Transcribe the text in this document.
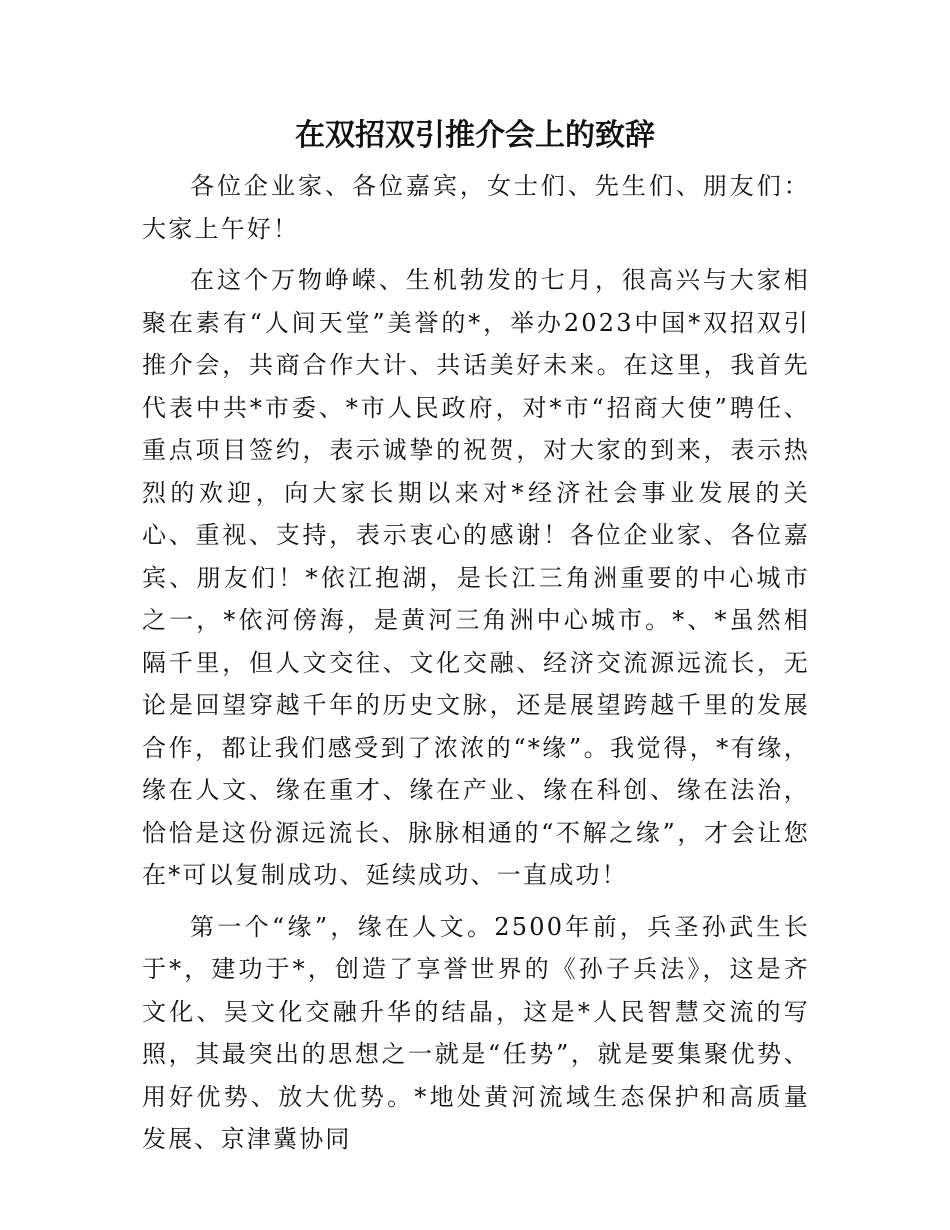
在双招双引推介会上的致辞

各位企业家、各位嘉宾，女士们、先生们、朋友们：大家上午好！

在这个万物峥嵘、生机勃发的七月，很高兴与大家相聚在素有“人间天堂”美誉的*，举办2023中国*双招双引推介会，共商合作大计、共话美好未来。在这里，我首先代表中共*市委、*市人民政府，对*市“招商大使”聘任、重点项目签约，表示诚挚的祝贺，对大家的到来，表示热烈的欢迎，向大家长期以来对*经济社会事业发展的关心、重视、支持，表示衷心的感谢！各位企业家、各位嘉宾、朋友们！*依江抱湖，是长江三角洲重要的中心城市之一，*依河傍海，是黄河三角洲中心城市。*、*虽然相隔千里，但人文交往、文化交融、经济交流源远流长，无论是回望穿越千年的历史文脉，还是展望跨越千里的发展合作，都让我们感受到了浓浓的“*缘”。我觉得，*有缘，缘在人文、缘在重才、缘在产业、缘在科创、缘在法治，恰恰是这份源远流长、脉脉相通的“不解之缘”，才会让您在*可以复制成功、延续成功、一直成功！

第一个“缘”，缘在人文。2500年前，兵圣孙武生长于*，建功于*，创造了享誉世界的《孙子兵法》，这是齐文化、吴文化交融升华的结晶，这是*人民智慧交流的写照，其最突出的思想之一就是“任势”，就是要集聚优势、用好优势、放大优势。*地处黄河流域生态保护和高质量发展、京津冀协同
